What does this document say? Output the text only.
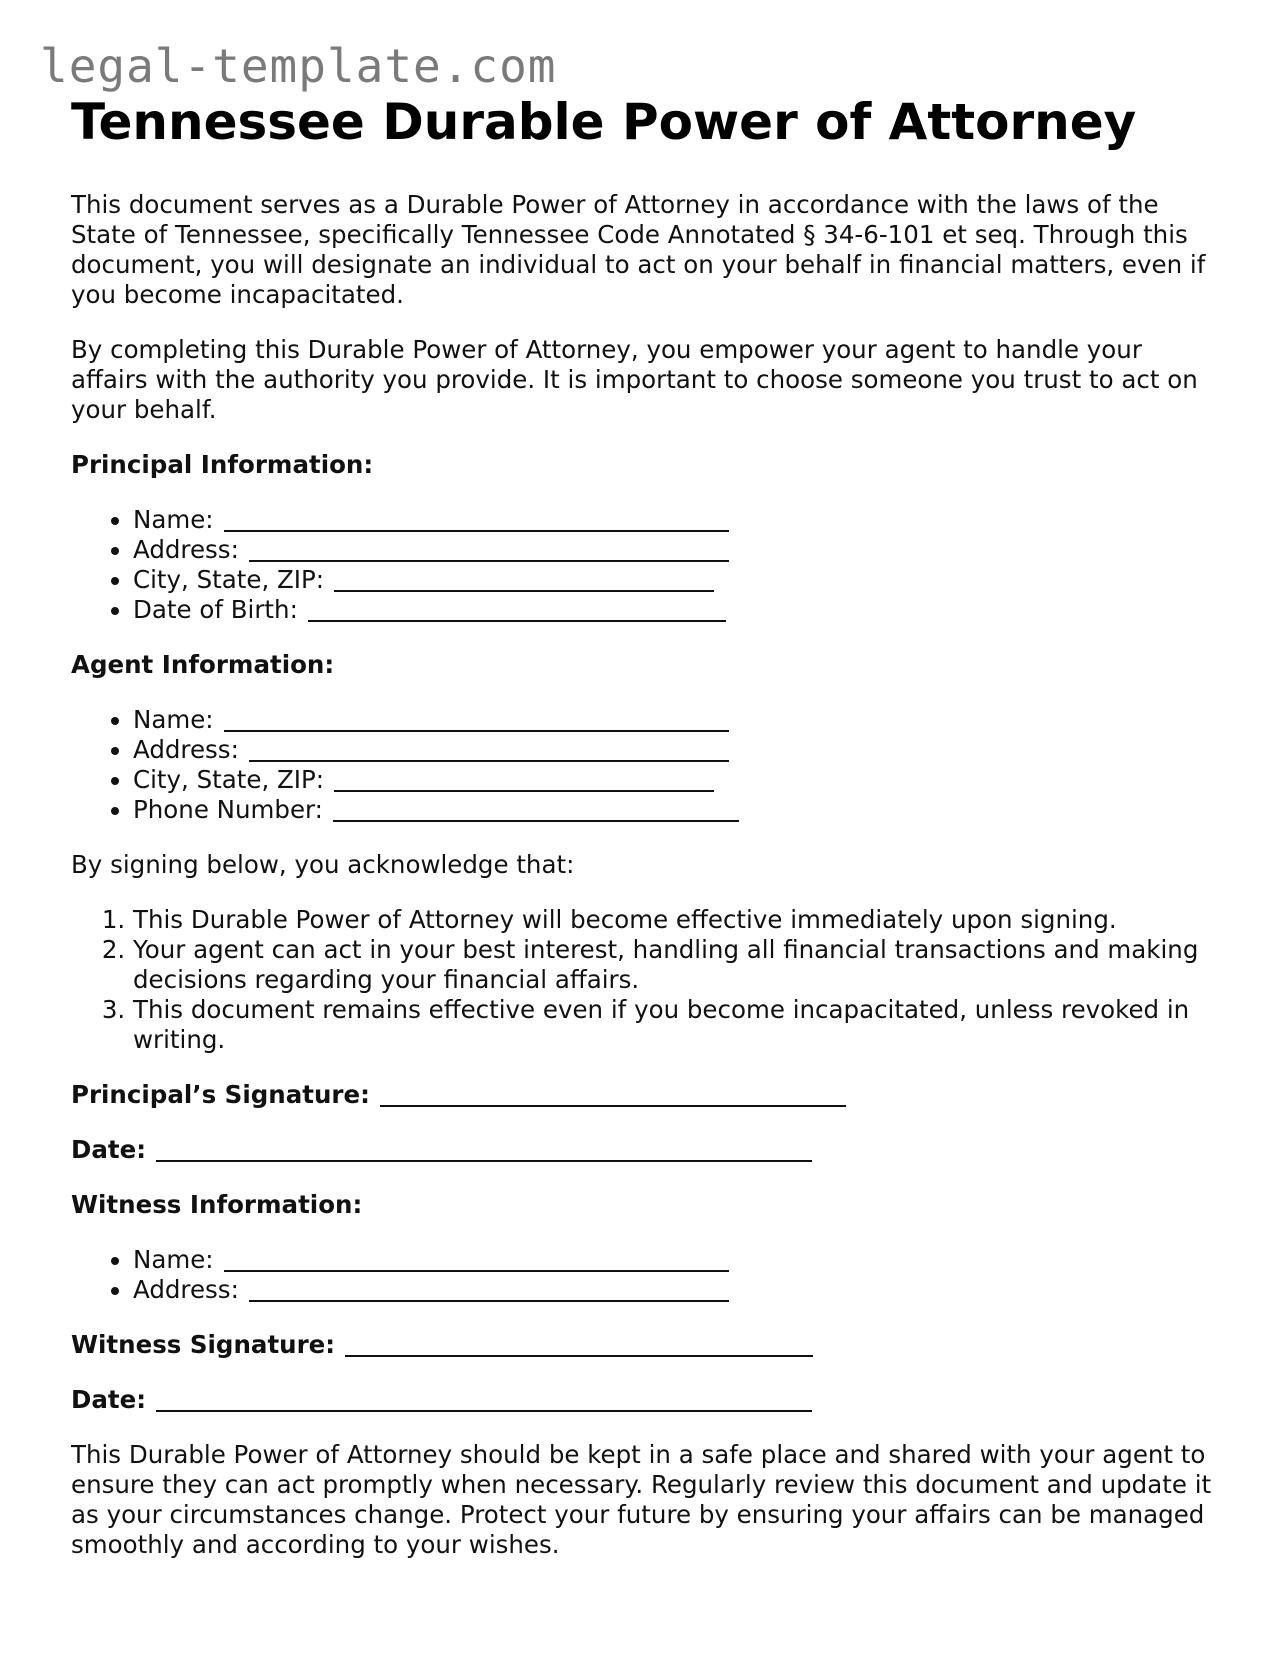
legal-template.com
Tennessee Durable Power of Attorney

This document serves as a Durable Power of Attorney in accordance with the laws of the State of Tennessee, specifically Tennessee Code Annotated § 34-6-101 et seq. Through this document, you will designate an individual to act on your behalf in financial matters, even if you become incapacitated.

By completing this Durable Power of Attorney, you empower your agent to handle your affairs with the authority you provide. It is important to choose someone you trust to act on your behalf.

Principal Information:
• Name:
• Address:
• City, State, ZIP:
• Date of Birth:
Agent Information:
• Name:
• Address:
• City, State, ZIP:
• Phone Number:

By signing below, you acknowledge that:

1. This Durable Power of Attorney will become effective immediately upon signing.
2. Your agent can act in your best interest, handling all financial transactions and making decisions regarding your financial affairs.
3. This document remains effective even if you become incapacitated, unless revoked in writing.
Principal’s Signature:
Date:
Witness Information:
• Name:
• Address:
Witness Signature:
Date:

This Durable Power of Attorney should be kept in a safe place and shared with your agent to ensure they can act promptly when necessary. Regularly review this document and update it as your circumstances change. Protect your future by ensuring your affairs can be managed smoothly and according to your wishes.
